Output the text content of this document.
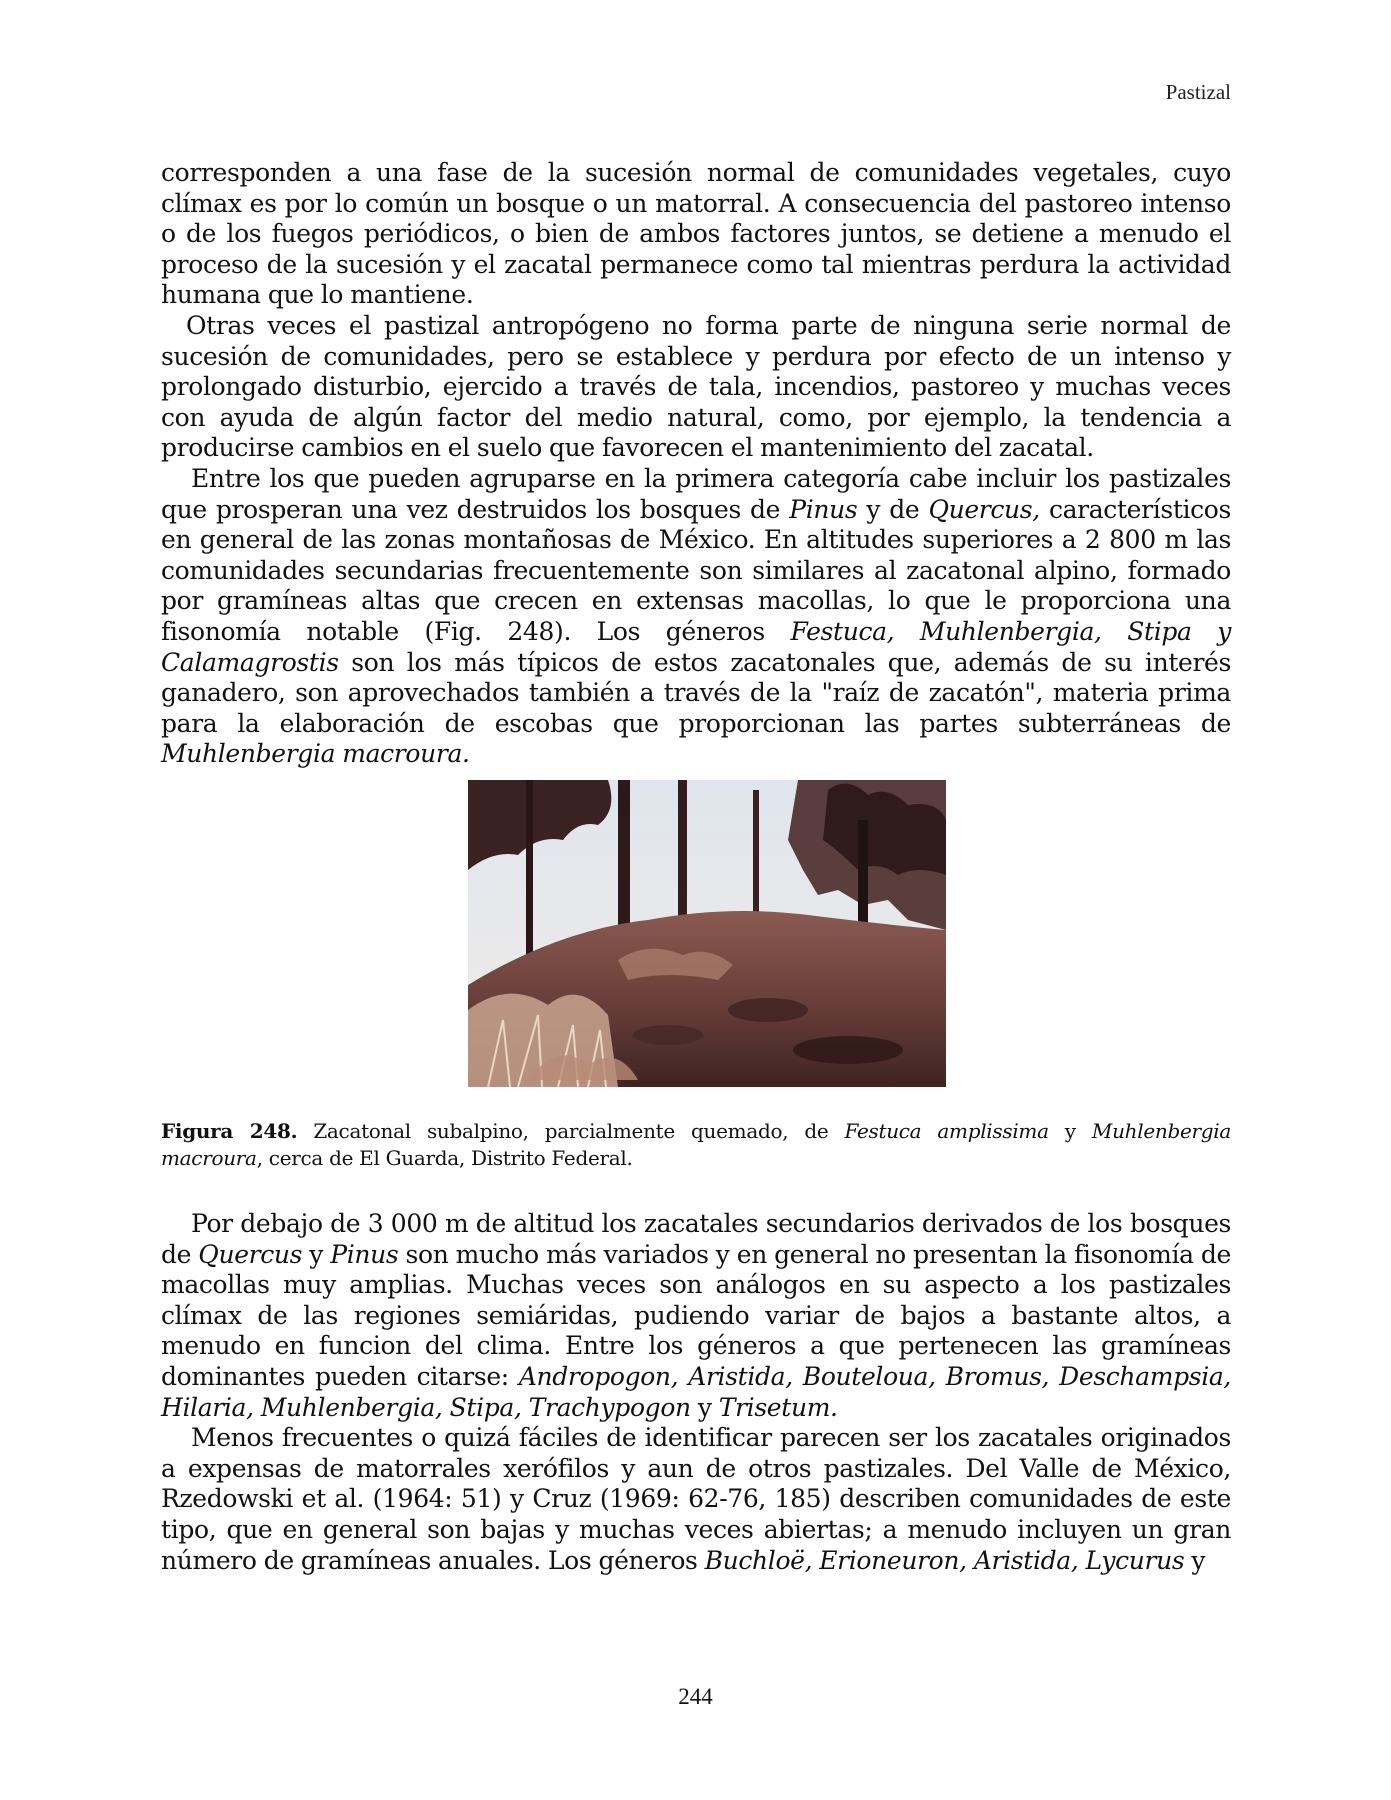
Pastizal

corresponden a una fase de la sucesión normal de comunidades vegetales, cuyo clímax es por lo común un bosque o un matorral. A consecuencia del pastoreo intenso o de los fuegos periódicos, o bien de ambos factores juntos, se detiene a menudo el proceso de la sucesión y el zacatal permanece como tal mientras perdura la actividad humana que lo mantiene.

Otras veces el pastizal antropógeno no forma parte de ninguna serie normal de sucesión de comunidades, pero se establece y perdura por efecto de un intenso y prolongado disturbio, ejercido a través de tala, incendios, pastoreo y muchas veces con ayuda de algún factor del medio natural, como, por ejemplo, la tendencia a producirse cambios en el suelo que favorecen el mantenimiento del zacatal.

Entre los que pueden agruparse en la primera categoría cabe incluir los pastizales que prosperan una vez destruidos los bosques de Pinus y de Quercus, característicos en general de las zonas montañosas de México. En altitudes superiores a 2 800 m las comunidades secundarias frecuentemente son similares al zacatonal alpino, formado por gramíneas altas que crecen en extensas macollas, lo que le proporciona una fisonomía notable (Fig. 248). Los géneros Festuca, Muhlenbergia, Stipa y Calamagrostis son los más típicos de estos zacatonales que, además de su interés ganadero, son aprovechados también a través de la "raíz de zacatón", materia prima para la elaboración de escobas que proporcionan las partes subterráneas de Muhlenbergia macroura.

Figura 248. Zacatonal subalpino, parcialmente quemado, de Festuca amplissima y Muhlenbergia macroura, cerca de El Guarda, Distrito Federal.

Por debajo de 3 000 m de altitud los zacatales secundarios derivados de los bosques de Quercus y Pinus son mucho más variados y en general no presentan la fisonomía de macollas muy amplias. Muchas veces son análogos en su aspecto a los pastizales clímax de las regiones semiáridas, pudiendo variar de bajos a bastante altos, a menudo en funcion del clima. Entre los géneros a que pertenecen las gramíneas dominantes pueden citarse: Andropogon, Aristida, Bouteloua, Bromus, Deschampsia, Hilaria, Muhlenbergia, Stipa, Trachypogon y Trisetum.

Menos frecuentes o quizá fáciles de identificar parecen ser los zacatales originados a expensas de matorrales xerófilos y aun de otros pastizales. Del Valle de México, Rzedowski et al. (1964: 51) y Cruz (1969: 62-76, 185) describen comunidades de este tipo, que en general son bajas y muchas veces abiertas; a menudo incluyen un gran número de gramíneas anuales. Los géneros Buchloë, Erioneuron, Aristida, Lycurus y

244
